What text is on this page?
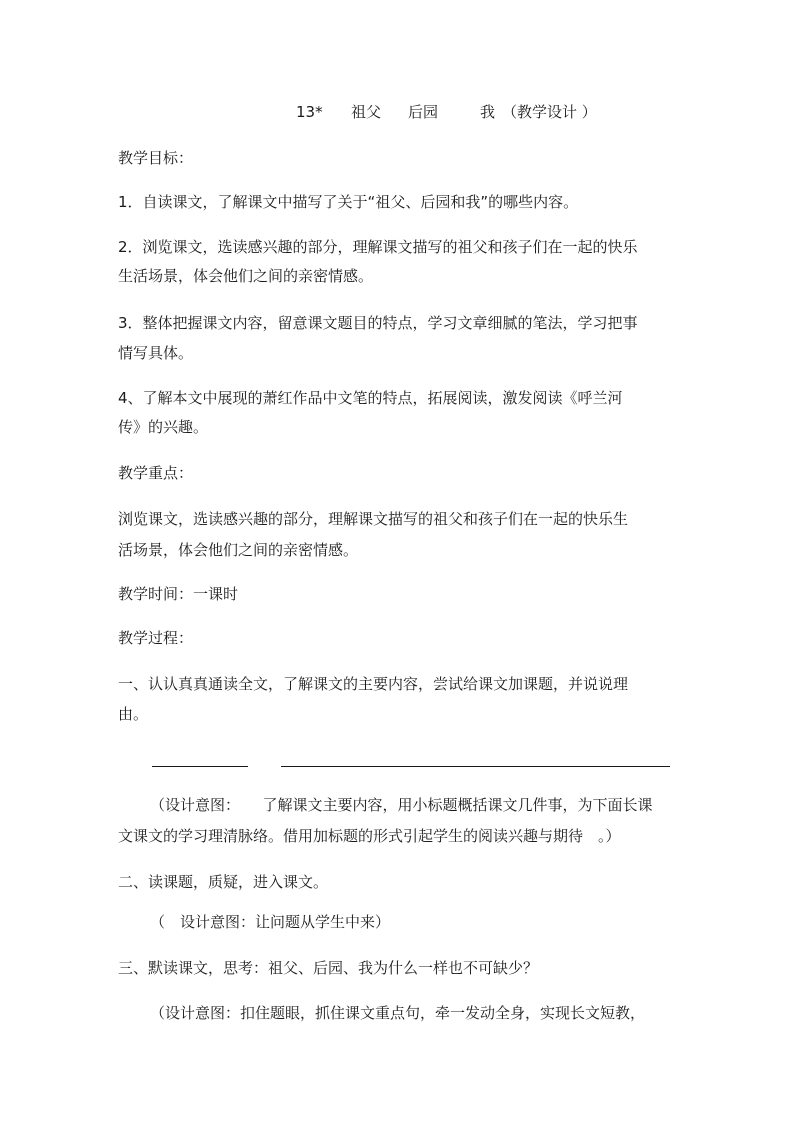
13* 祖父 后园	我 （教学设计 ）
教学目标：
1．自读课文，了解课文中描写了关于“祖父、后园和我”的哪些内容。
2．浏览课文，选读感兴趣的部分，理解课文描写的祖父和孩子们在一起的快乐
生活场景，体会他们之间的亲密情感。
3．整体把握课文内容，留意课文题目的特点，学习文章细腻的笔法，学习把事
情写具体。
4、了解本文中展现的萧红作品中文笔的特点，拓展阅读，激发阅读《呼兰河
传》的兴趣。
教学重点：
浏览课文，选读感兴趣的部分，理解课文描写的祖父和孩子们在一起的快乐生
活场景，体会他们之间的亲密情感。
教学时间：一课时
教学过程：
一、认认真真通读全文，了解课文的主要内容，尝试给课文加课题，并说说理
由。
（设计意图：　　了解课文主要内容，用小标题概括课文几件事，为下面长课
文课文的学习理清脉络。借用加标题的形式引起学生的阅读兴趣与期待　。）
二、读课题，质疑，进入课文。
（　设计意图：让问题从学生中来）
三、默读课文，思考：祖父、后园、我为什么一样也不可缺少？
（设计意图：扣住题眼，抓住课文重点句，牵一发动全身，实现长文短教，
